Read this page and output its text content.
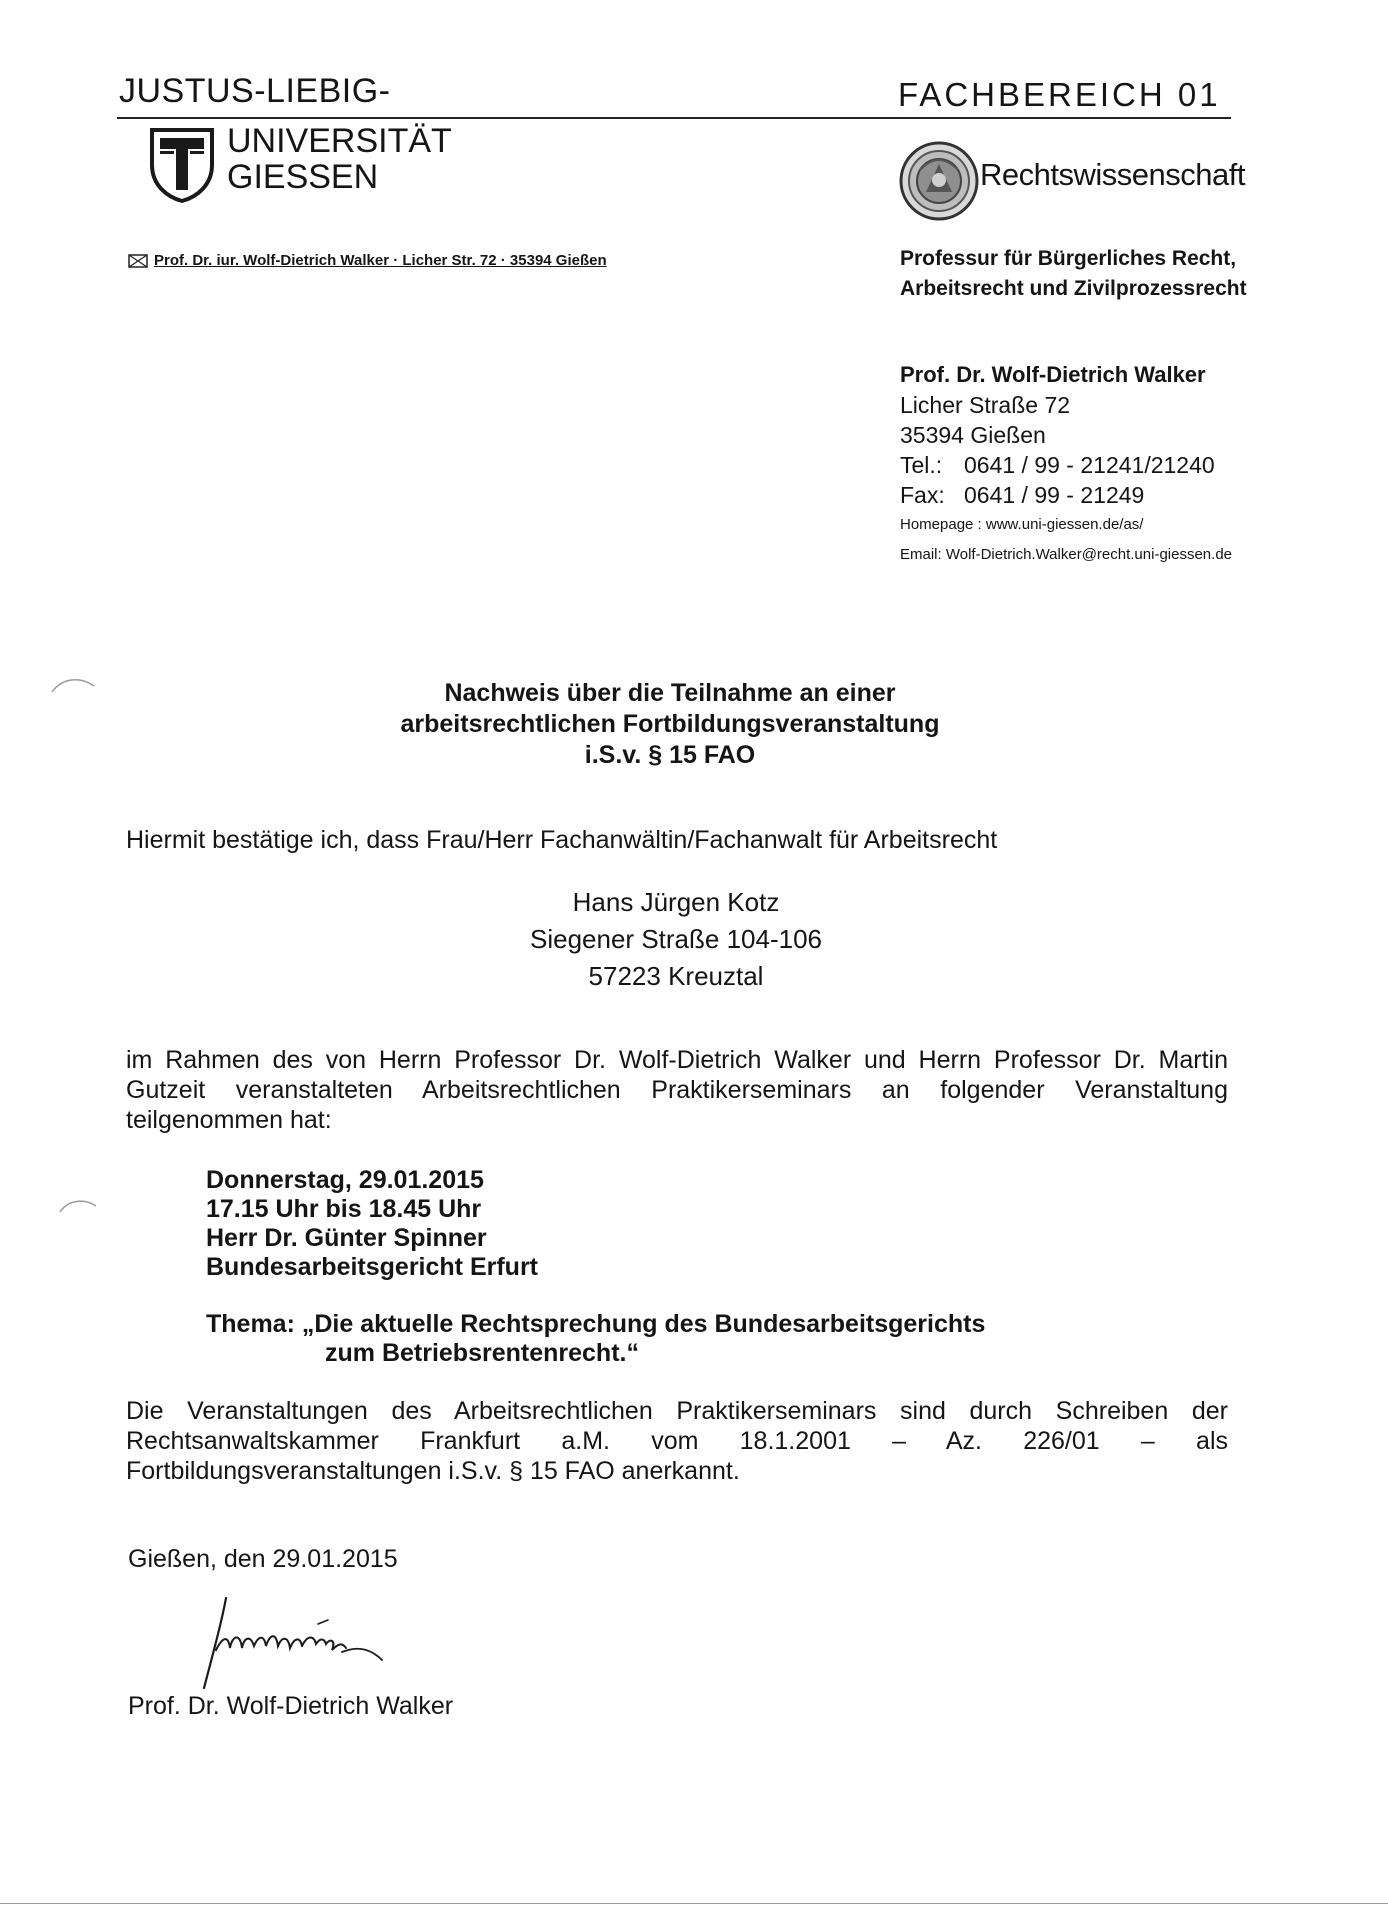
JUSTUS-LIEBIG-
UNIVERSITÄT
GIESSEN
FACHBEREICH 01
Rechtswissenschaft
Prof. Dr. iur. Wolf-Dietrich Walker · Licher Str. 72 · 35394 Gießen	Professur für Bürgerliches Recht,
Arbeitsrecht und Zivilprozessrecht
Prof. Dr. Wolf-Dietrich Walker
Licher Straße 72
35394 Gießen
Tel.: 0641 / 99 - 21241/21240
Fax: 0641 / 99 - 21249
Homepage : www.uni-giessen.de/as/
Email: Wolf-Dietrich.Walker@recht.uni-giessen.de
Nachweis über die Teilnahme an einer
arbeitsrechtlichen Fortbildungsveranstaltung
i.S.v. § 15 FAO
Hiermit bestätige ich, dass Frau/Herr Fachanwältin/Fachanwalt für Arbeitsrecht
Hans Jürgen Kotz
Siegener Straße 104-106
57223 Kreuztal
im Rahmen des von Herrn Professor Dr. Wolf-Dietrich Walker und Herrn Professor Dr. Martin Gutzeit veranstalteten Arbeitsrechtlichen Praktikerseminars an folgender Veranstaltung teilgenommen hat:
Donnerstag, 29.01.2015
17.15 Uhr bis 18.45 Uhr
Herr Dr. Günter Spinner
Bundesarbeitsgericht Erfurt
Thema: „Die aktuelle Rechtsprechung des Bundesarbeitsgerichts
zum Betriebsrentenrecht.“
Die Veranstaltungen des Arbeitsrechtlichen Praktikerseminars sind durch Schreiben der Rechtsanwaltskammer Frankfurt a.M. vom 18.1.2001 – Az. 226/01 – als Fortbildungsveranstaltungen i.S.v. § 15 FAO anerkannt.
Gießen, den 29.01.2015
Prof. Dr. Wolf-Dietrich Walker
